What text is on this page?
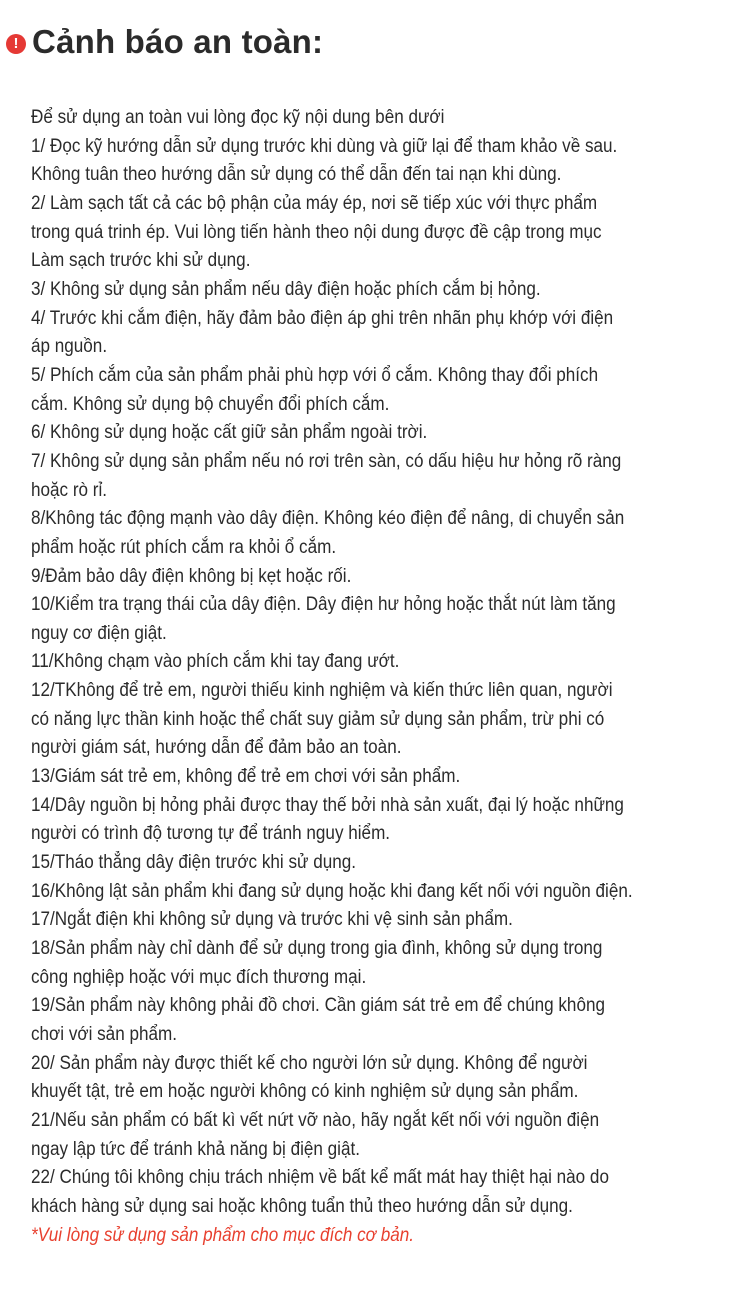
! Cảnh báo an toàn:
Để sử dụng an toàn vui lòng đọc kỹ nội dung bên dưới
1/ Đọc kỹ hướng dẫn sử dụng trước khi dùng và giữ lại để tham khảo về sau.
Không tuân theo hướng dẫn sử dụng có thể dẫn đến tai nạn khi dùng.
2/ Làm sạch tất cả các bộ phận của máy ép, nơi sẽ tiếp xúc với thực phẩm
trong quá trinh ép. Vui lòng tiến hành theo nội dung được đề cập trong mục
Làm sạch trước khi sử dụng.
3/ Không sử dụng sản phẩm nếu dây điện hoặc phích cắm bị hỏng.
4/ Trước khi cắm điện, hãy đảm bảo điện áp ghi trên nhãn phụ khớp với điện
áp nguồn.
5/ Phích cắm của sản phẩm phải phù hợp với ổ cắm. Không thay đổi phích
cắm. Không sử dụng bộ chuyển đổi phích cắm.
6/ Không sử dụng hoặc cất giữ sản phẩm ngoài trời.
7/ Không sử dụng sản phẩm nếu nó rơi trên sàn, có dấu hiệu hư hỏng rõ ràng
hoặc rò rỉ.
8/Không tác động mạnh vào dây điện. Không kéo điện để nâng, di chuyển sản
phẩm hoặc rút phích cắm ra khỏi ổ cắm.
9/Đảm bảo dây điện không bị kẹt hoặc rối.
10/Kiểm tra trạng thái của dây điện. Dây điện hư hỏng hoặc thắt nút làm tăng
nguy cơ điện giật.
11/Không chạm vào phích cắm khi tay đang ướt.
12/TKhông để trẻ em, người thiếu kinh nghiệm và kiến thức liên quan, người
có năng lực thần kinh hoặc thể chất suy giảm sử dụng sản phẩm, trừ phi có
người giám sát, hướng dẫn để đảm bảo an toàn.
13/Giám sát trẻ em, không để trẻ em chơi với sản phẩm.
14/Dây nguồn bị hỏng phải được thay thế bởi nhà sản xuất, đại lý hoặc những
người có trình độ tương tự để tránh nguy hiểm.
15/Tháo thẳng dây điện trước khi sử dụng.
16/Không lật sản phẩm khi đang sử dụng hoặc khi đang kết nối với nguồn điện.
17/Ngắt điện khi không sử dụng và trước khi vệ sinh sản phẩm.
18/Sản phẩm này chỉ dành để sử dụng trong gia đình, không sử dụng trong
công nghiệp hoặc với mục đích thương mại.
19/Sản phẩm này không phải đồ chơi. Cần giám sát trẻ em để chúng không
chơi với sản phẩm.
20/ Sản phẩm này được thiết kế cho người lớn sử dụng. Không để người
khuyết tật, trẻ em hoặc người không có kinh nghiệm sử dụng sản phẩm.
21/Nếu sản phẩm có bất kì vết nứt vỡ nào, hãy ngắt kết nối với nguồn điện
ngay lập tức để tránh khả năng bị điện giật.
22/ Chúng tôi không chịu trách nhiệm về bất kể mất mát hay thiệt hại nào do
khách hàng sử dụng sai hoặc không tuẩn thủ theo hướng dẫn sử dụng.
*Vui lòng sử dụng sản phẩm cho mục đích cơ bản.
